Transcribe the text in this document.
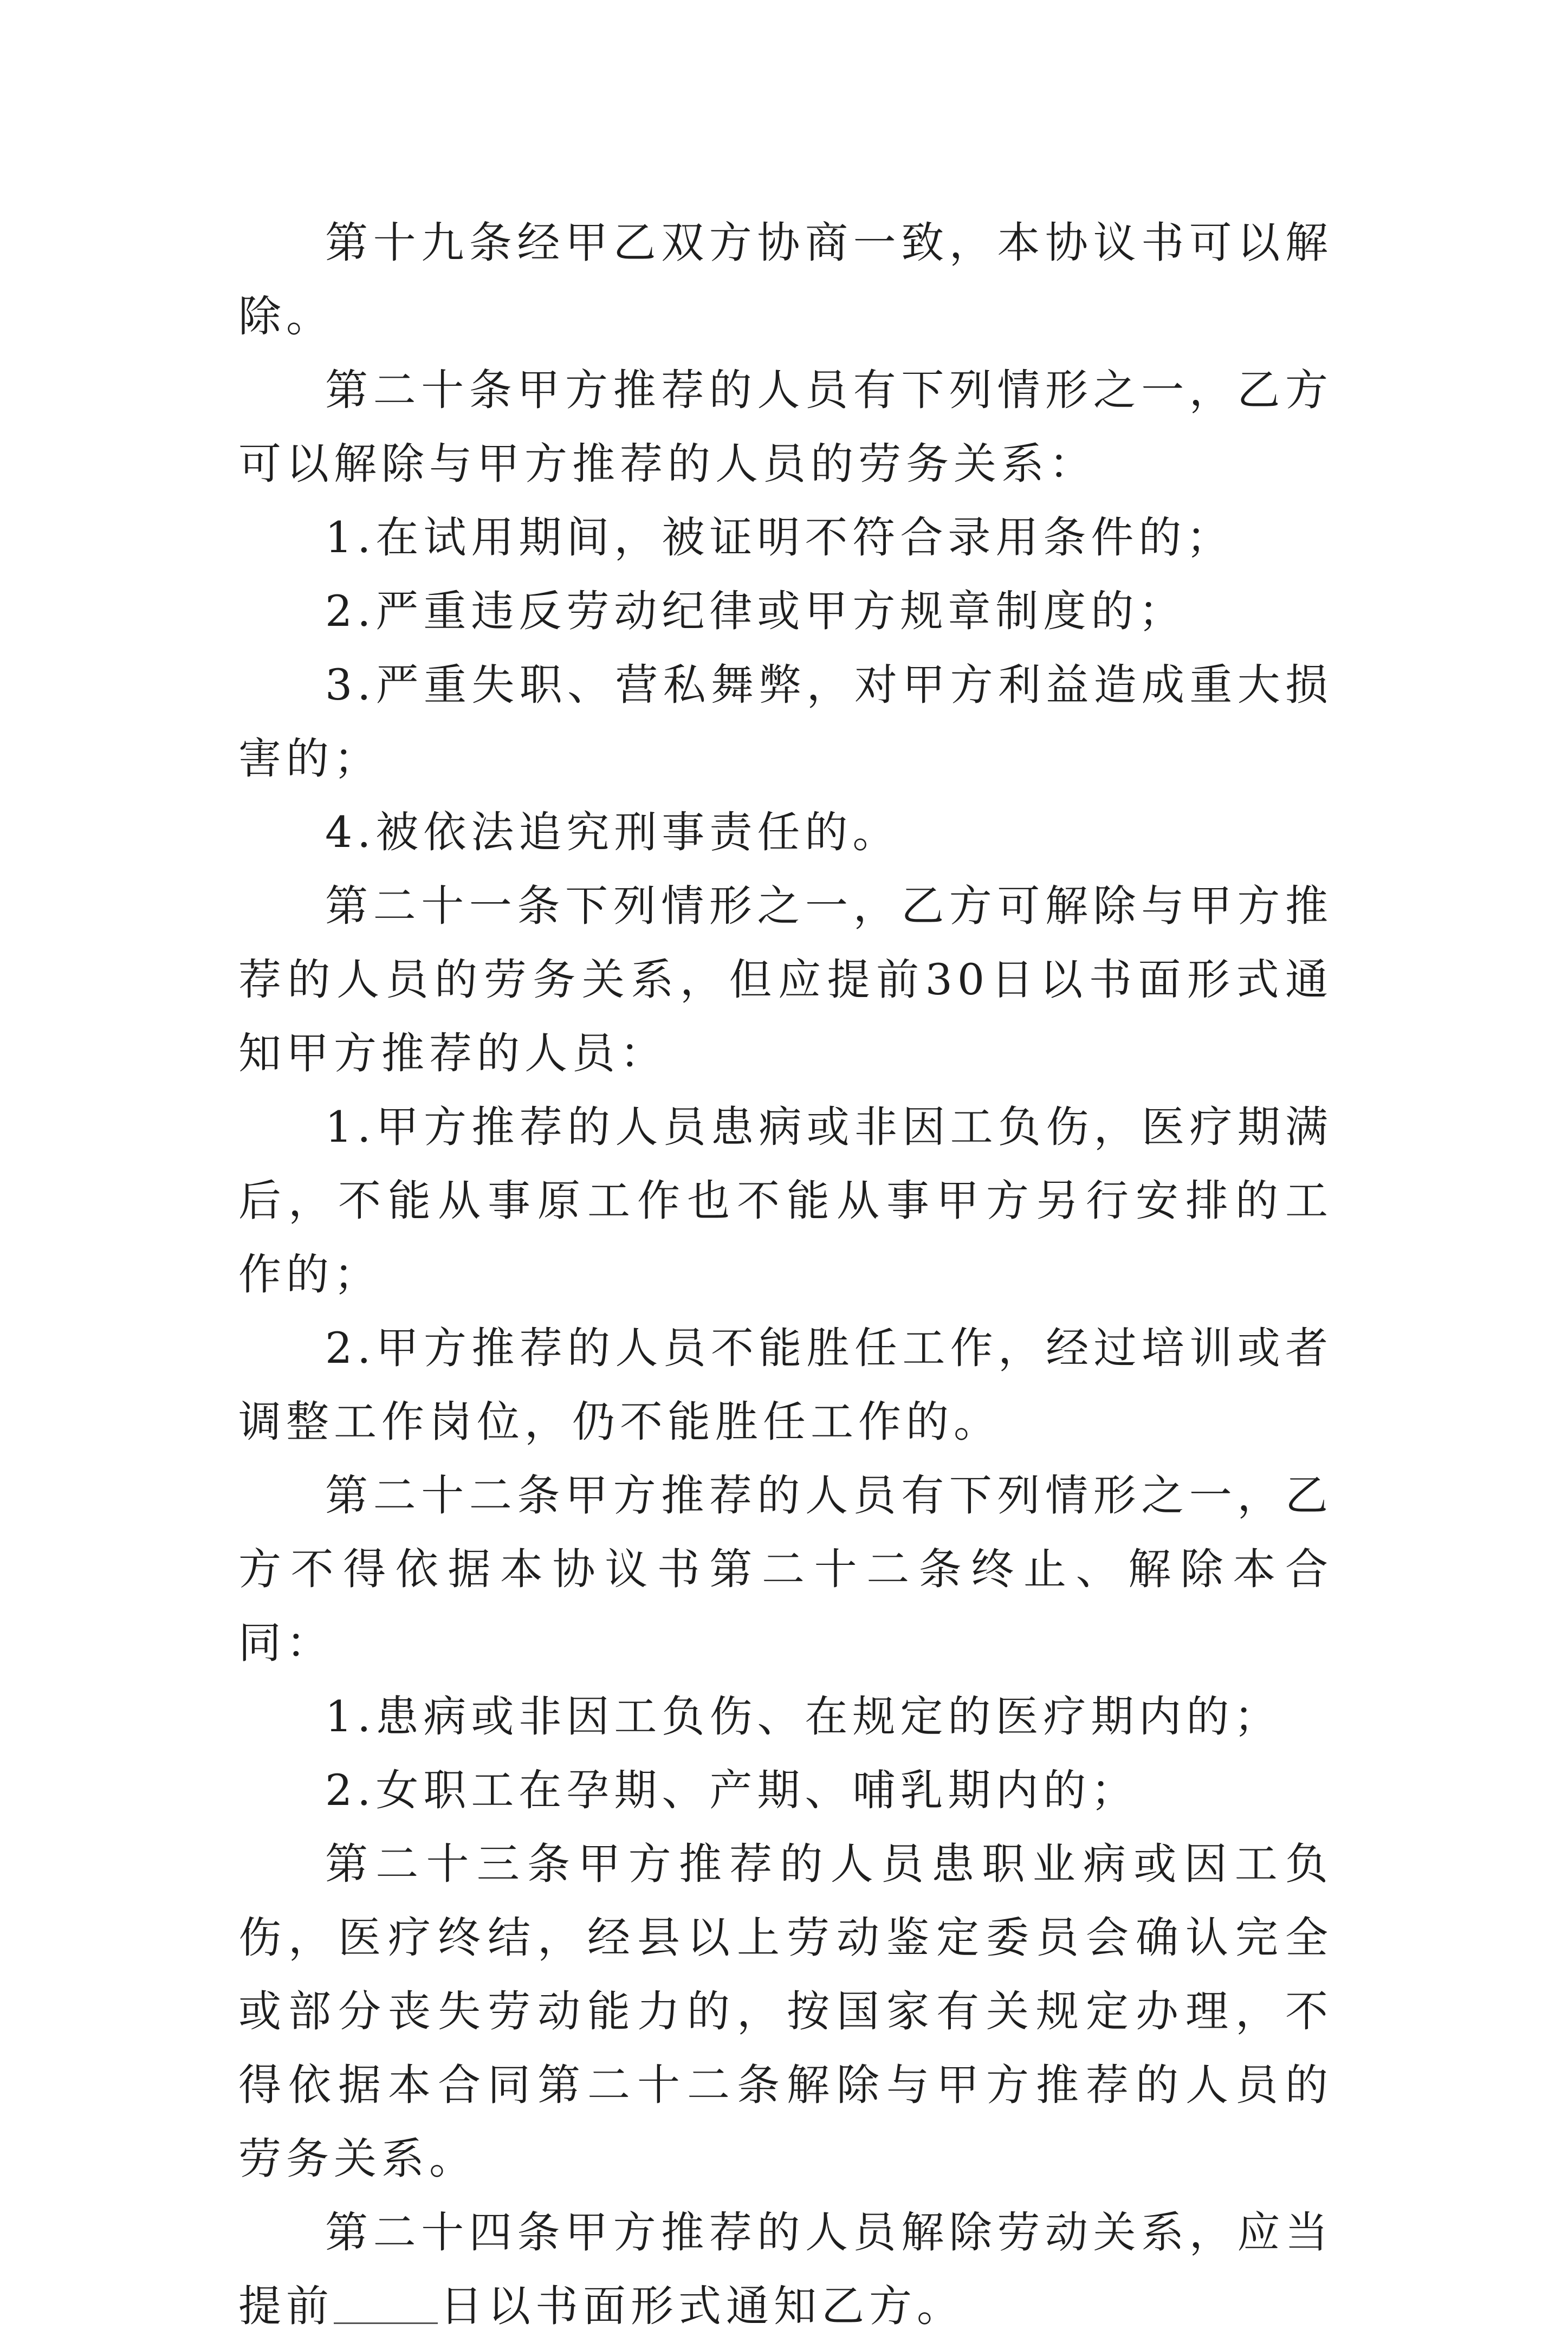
第十九条经甲乙双方协商一致，本协议书可以解除。

第二十条甲方推荐的人员有下列情形之一，乙方可以解除与甲方推荐的人员的劳务关系：

1.在试用期间，被证明不符合录用条件的；

2.严重违反劳动纪律或甲方规章制度的；

3.严重失职、营私舞弊，对甲方利益造成重大损害的；

4.被依法追究刑事责任的。

第二十一条下列情形之一，乙方可解除与甲方推荐的人员的劳务关系，但应提前30日以书面形式通知甲方推荐的人员：

1.甲方推荐的人员患病或非因工负伤，医疗期满后，不能从事原工作也不能从事甲方另行安排的工作的；

2.甲方推荐的人员不能胜任工作，经过培训或者调整工作岗位，仍不能胜任工作的。

第二十二条甲方推荐的人员有下列情形之一，乙方不得依据本协议书第二十二条终止、解除本合同：

1.患病或非因工负伤、在规定的医疗期内的；

2.女职工在孕期、产期、哺乳期内的；

第二十三条甲方推荐的人员患职业病或因工负伤，医疗终结，经县以上劳动鉴定委员会确认完全或部分丧失劳动能力的，按国家有关规定办理，不得依据本合同第二十二条解除与甲方推荐的人员的劳务关系。

第二十四条甲方推荐的人员解除劳动关系，应当提前 日以书面形式通知乙方。
